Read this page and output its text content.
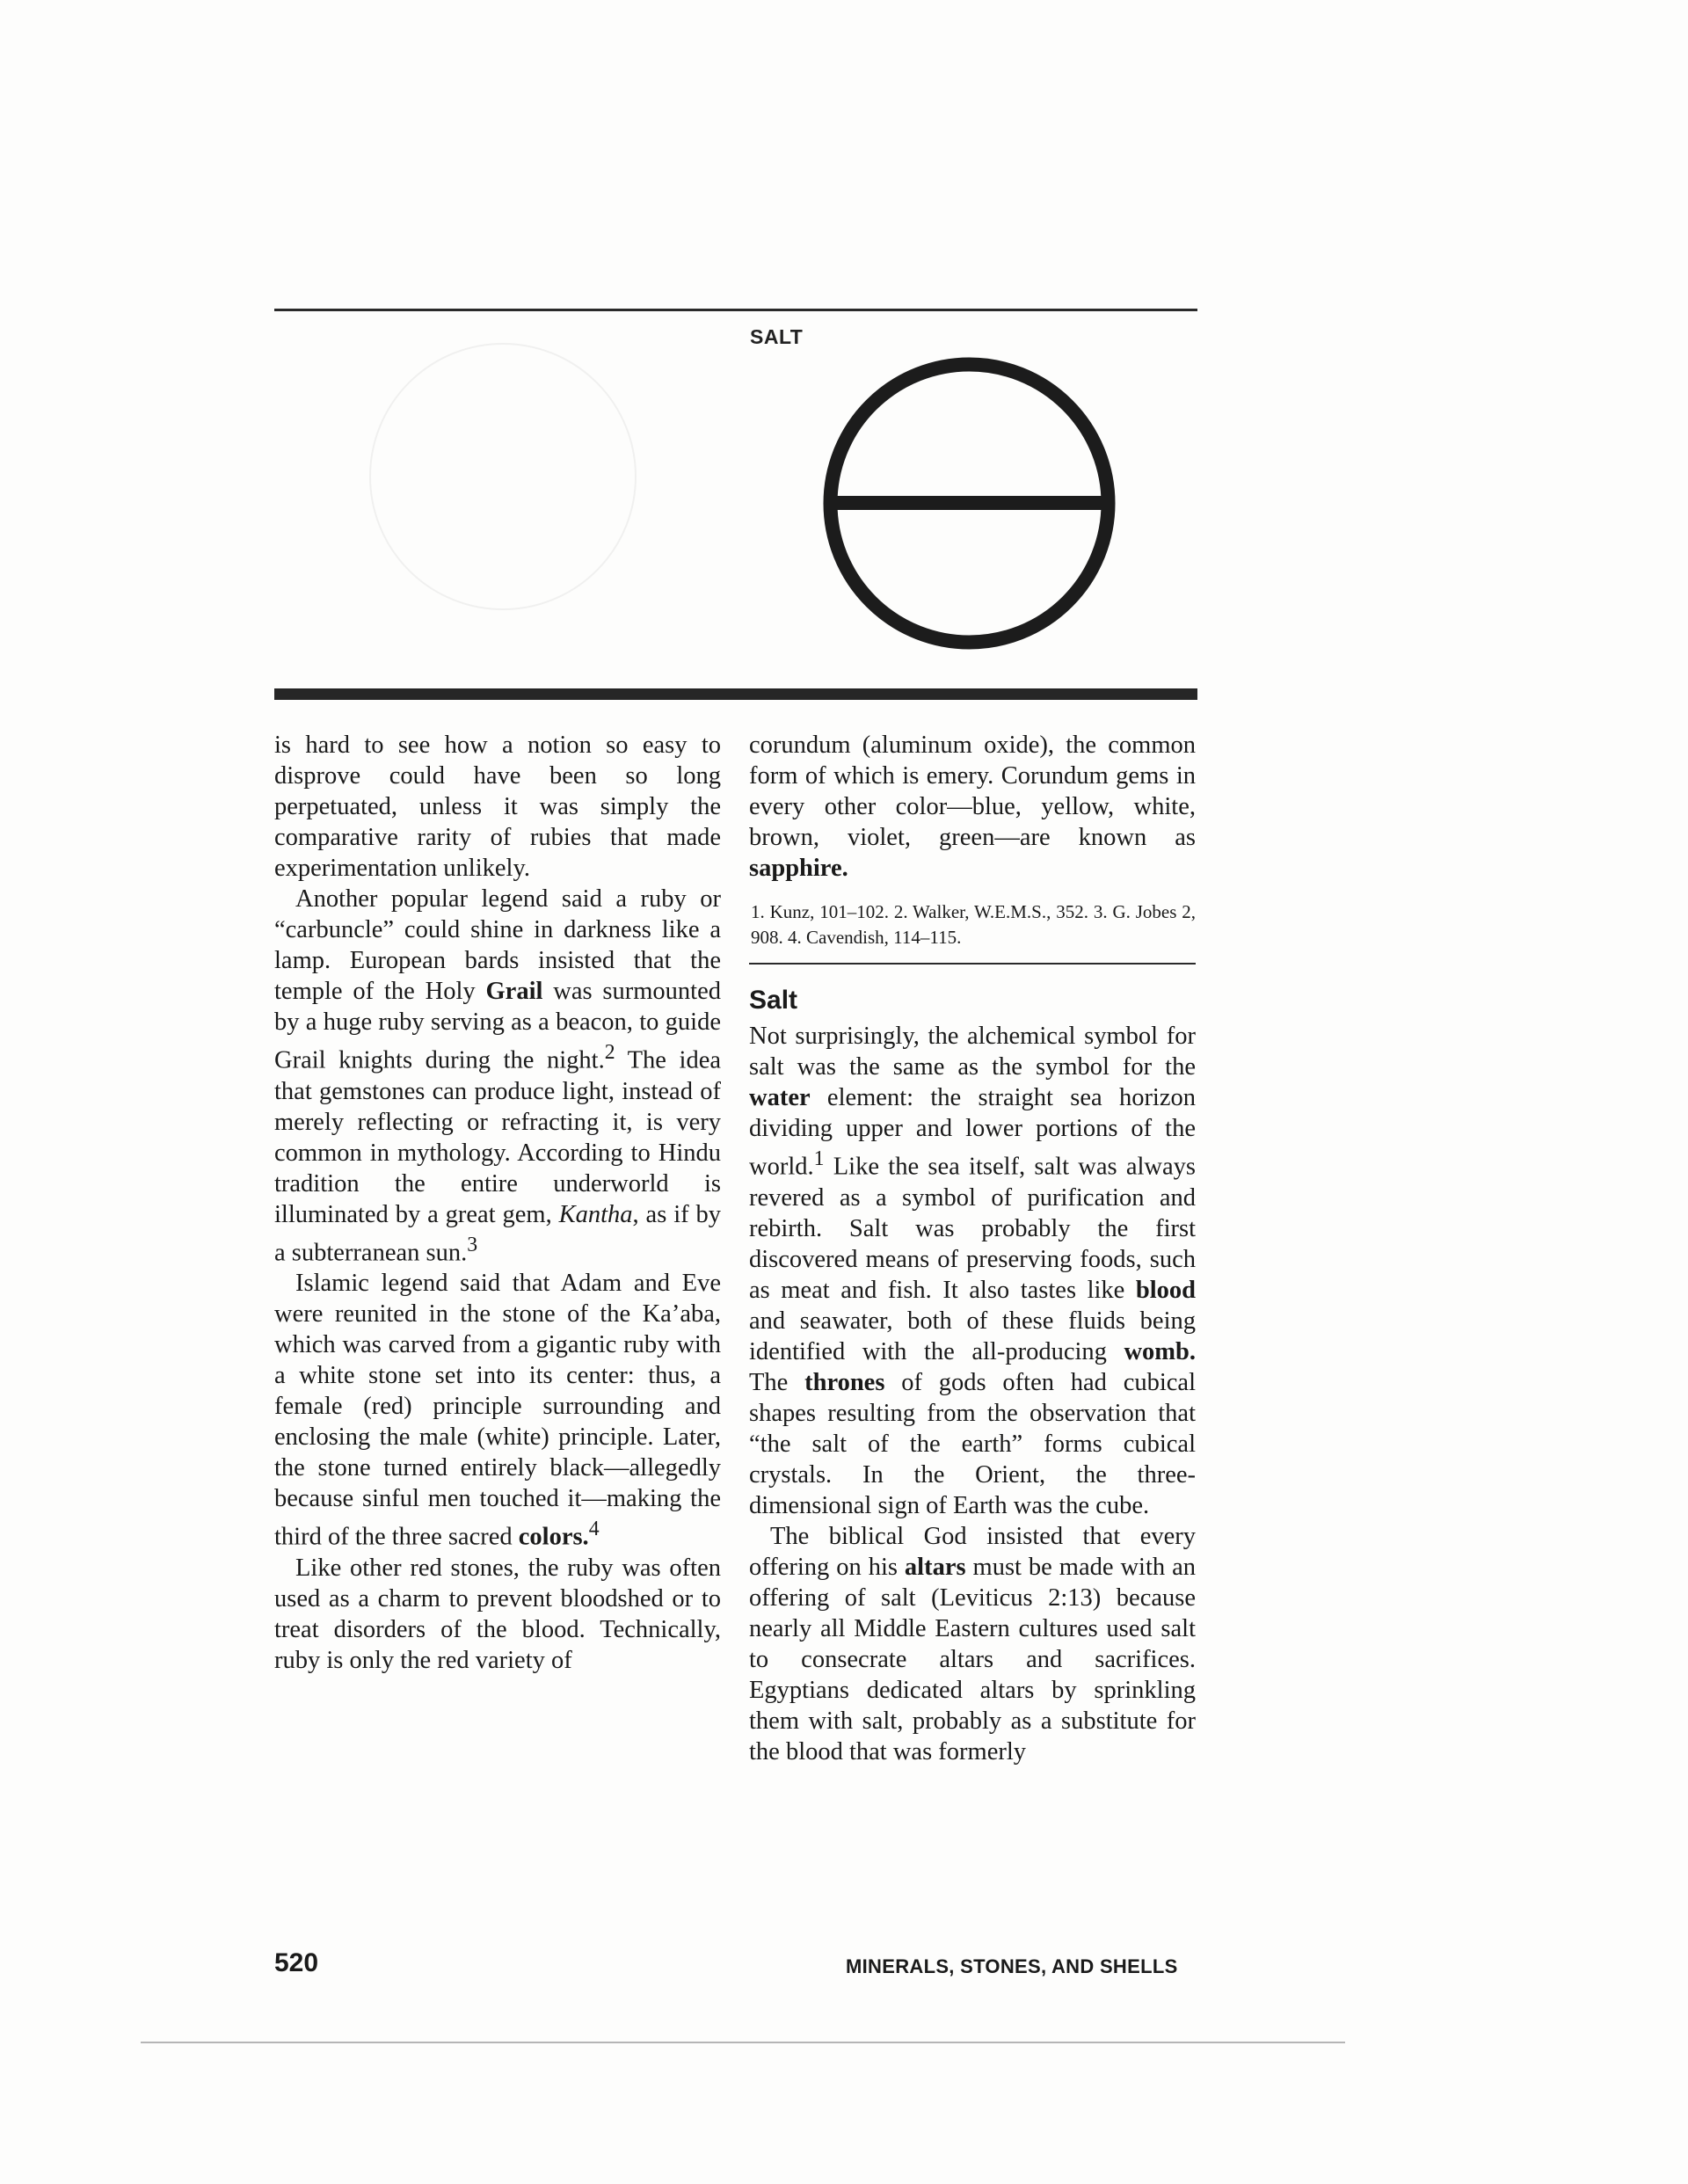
SALT

is hard to see how a notion so easy to disprove could have been so long perpetuated, unless it was simply the comparative rarity of rubies that made experimentation unlikely.

Another popular legend said a ruby or “carbuncle” could shine in darkness like a lamp. European bards insisted that the temple of the Holy Grail was surmounted by a huge ruby serving as a beacon, to guide Grail knights during the night.$^2$ The idea that gemstones can produce light, instead of merely reflecting or refracting it, is very common in mythology. According to Hindu tradition the entire underworld is illuminated by a great gem, Kantha, as if by a subterranean sun.$^3$

Islamic legend said that Adam and Eve were reunited in the stone of the Ka’aba, which was carved from a gigantic ruby with a white stone set into its center: thus, a female (red) principle surrounding and enclosing the male (white) principle. Later, the stone turned entirely black—allegedly because sinful men touched it—making the third of the three sacred colors.$^4$

Like other red stones, the ruby was often used as a charm to prevent bloodshed or to treat disorders of the blood. Technically, ruby is only the red variety of

corundum (aluminum oxide), the common form of which is emery. Corundum gems in every other color—blue, yellow, white, brown, violet, green—are known as sapphire.

1. Kunz, 101–102. 2. Walker, W.E.M.S., 352. 3. G. Jobes 2, 908. 4. Cavendish, 114–115.

Salt

Not surprisingly, the alchemical symbol for salt was the same as the symbol for the water element: the straight sea horizon dividing upper and lower portions of the world.$^1$ Like the sea itself, salt was always revered as a symbol of purification and rebirth. Salt was probably the first discovered means of preserving foods, such as meat and fish. It also tastes like blood and seawater, both of these fluids being identified with the all-producing womb. The thrones of gods often had cubical shapes resulting from the observation that “the salt of the earth” forms cubical crystals. In the Orient, the three-dimensional sign of Earth was the cube.

The biblical God insisted that every offering on his altars must be made with an offering of salt (Leviticus 2:13) because nearly all Middle Eastern cultures used salt to consecrate altars and sacrifices. Egyptians dedicated altars by sprinkling them with salt, probably as a substitute for the blood that was formerly

520	MINERALS, STONES, AND SHELLS
